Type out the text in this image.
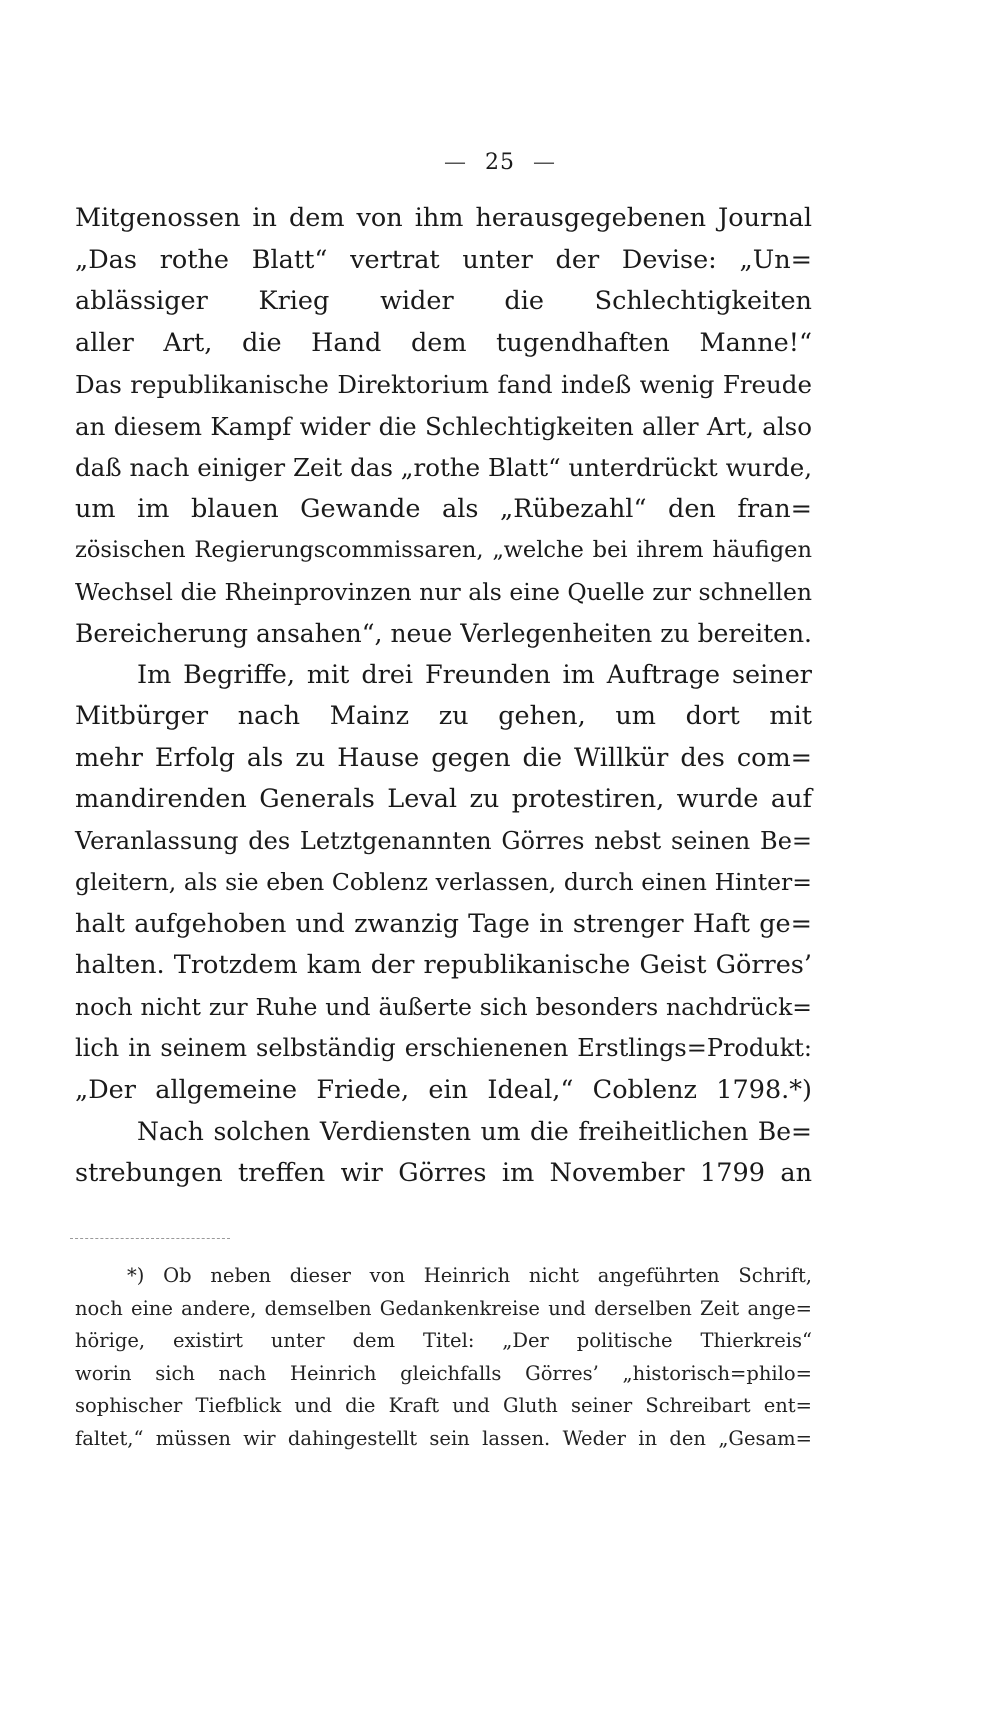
— 25 —
Mitgenossen in dem von ihm herausgegebenen Journal
„Das rothe Blatt“ vertrat unter der Devise: „Un=
ablässiger Krieg wider die Schlechtigkeiten
aller Art, die Hand dem tugendhaften Manne!“
Das republikanische Direktorium fand indeß wenig Freude
an diesem Kampf wider die Schlechtigkeiten aller Art, also
daß nach einiger Zeit das „rothe Blatt“ unterdrückt wurde,
um im blauen Gewande als „Rübezahl“ den fran=
zösischen Regierungscommissaren, „welche bei ihrem häufigen
Wechsel die Rheinprovinzen nur als eine Quelle zur schnellen
Bereicherung ansahen“, neue Verlegenheiten zu bereiten.
Im Begriffe, mit drei Freunden im Auftrage seiner
Mitbürger nach Mainz zu gehen, um dort mit
mehr Erfolg als zu Hause gegen die Willkür des com=
mandirenden Generals Leval zu protestiren, wurde auf
Veranlassung des Letztgenannten Görres nebst seinen Be=
gleitern, als sie eben Coblenz verlassen, durch einen Hinter=
halt aufgehoben und zwanzig Tage in strenger Haft ge=
halten. Trotzdem kam der republikanische Geist Görres’
noch nicht zur Ruhe und äußerte sich besonders nachdrück=
lich in seinem selbständig erschienenen Erstlings=Produkt:
„Der allgemeine Friede, ein Ideal,“ Coblenz 1798.*)
Nach solchen Verdiensten um die freiheitlichen Be=
strebungen treffen wir Görres im November 1799 an
*) Ob neben dieser von Heinrich nicht angeführten Schrift,
noch eine andere, demselben Gedankenkreise und derselben Zeit ange=
hörige, existirt unter dem Titel: „Der politische Thierkreis“
worin sich nach Heinrich gleichfalls Görres’ „historisch=philo=
sophischer Tiefblick und die Kraft und Gluth seiner Schreibart ent=
faltet,“ müssen wir dahingestellt sein lassen. Weder in den „Gesam=
